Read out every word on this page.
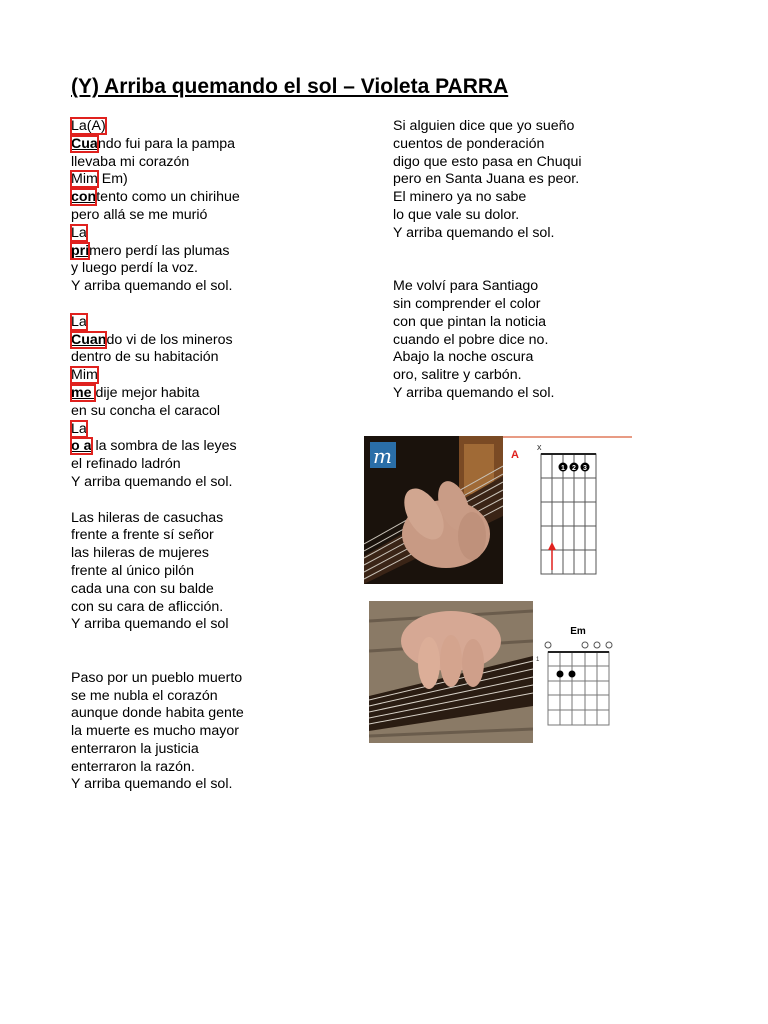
(Y) Arriba quemando el sol – Violeta PARRA
La(A)
Cuando fui para la pampa
llevaba mi corazón
Mim Em)
contento como un chirihue
pero allá se me murió
La
primero perdí las plumas
y luego perdí la voz.
Y arriba quemando el sol.
La
Cuando vi de los mineros
dentro de su habitación
Mim
me dije mejor habita
en su concha el caracol
La
o a la sombra de las leyes
el refinado ladrón
Y arriba quemando el sol.
Las hileras de casuchas
frente a frente sí señor
las hileras de mujeres
frente al único pilón
cada una con su balde
con su cara de aflicción.
Y arriba quemando el sol
Paso por un pueblo muerto
se me nubla el corazón
aunque donde habita gente
la muerte es mucho mayor
enterraron la justicia
enterraron la razón.
Y arriba quemando el sol.
Si alguien dice que yo sueño
cuentos de ponderación
digo que esto pasa en Chuqui
pero en Santa Juana es peor.
El minero ya no sabe
lo que vale su dolor.
Y arriba quemando el sol.
Me volví para Santiago
sin comprender el color
con que pintan la noticia
cuando el pobre dice no.
Abajo la noche oscura
oro, salitre y carbón.
Y arriba quemando el sol.
m	A
x
1 2 3
Em
1
